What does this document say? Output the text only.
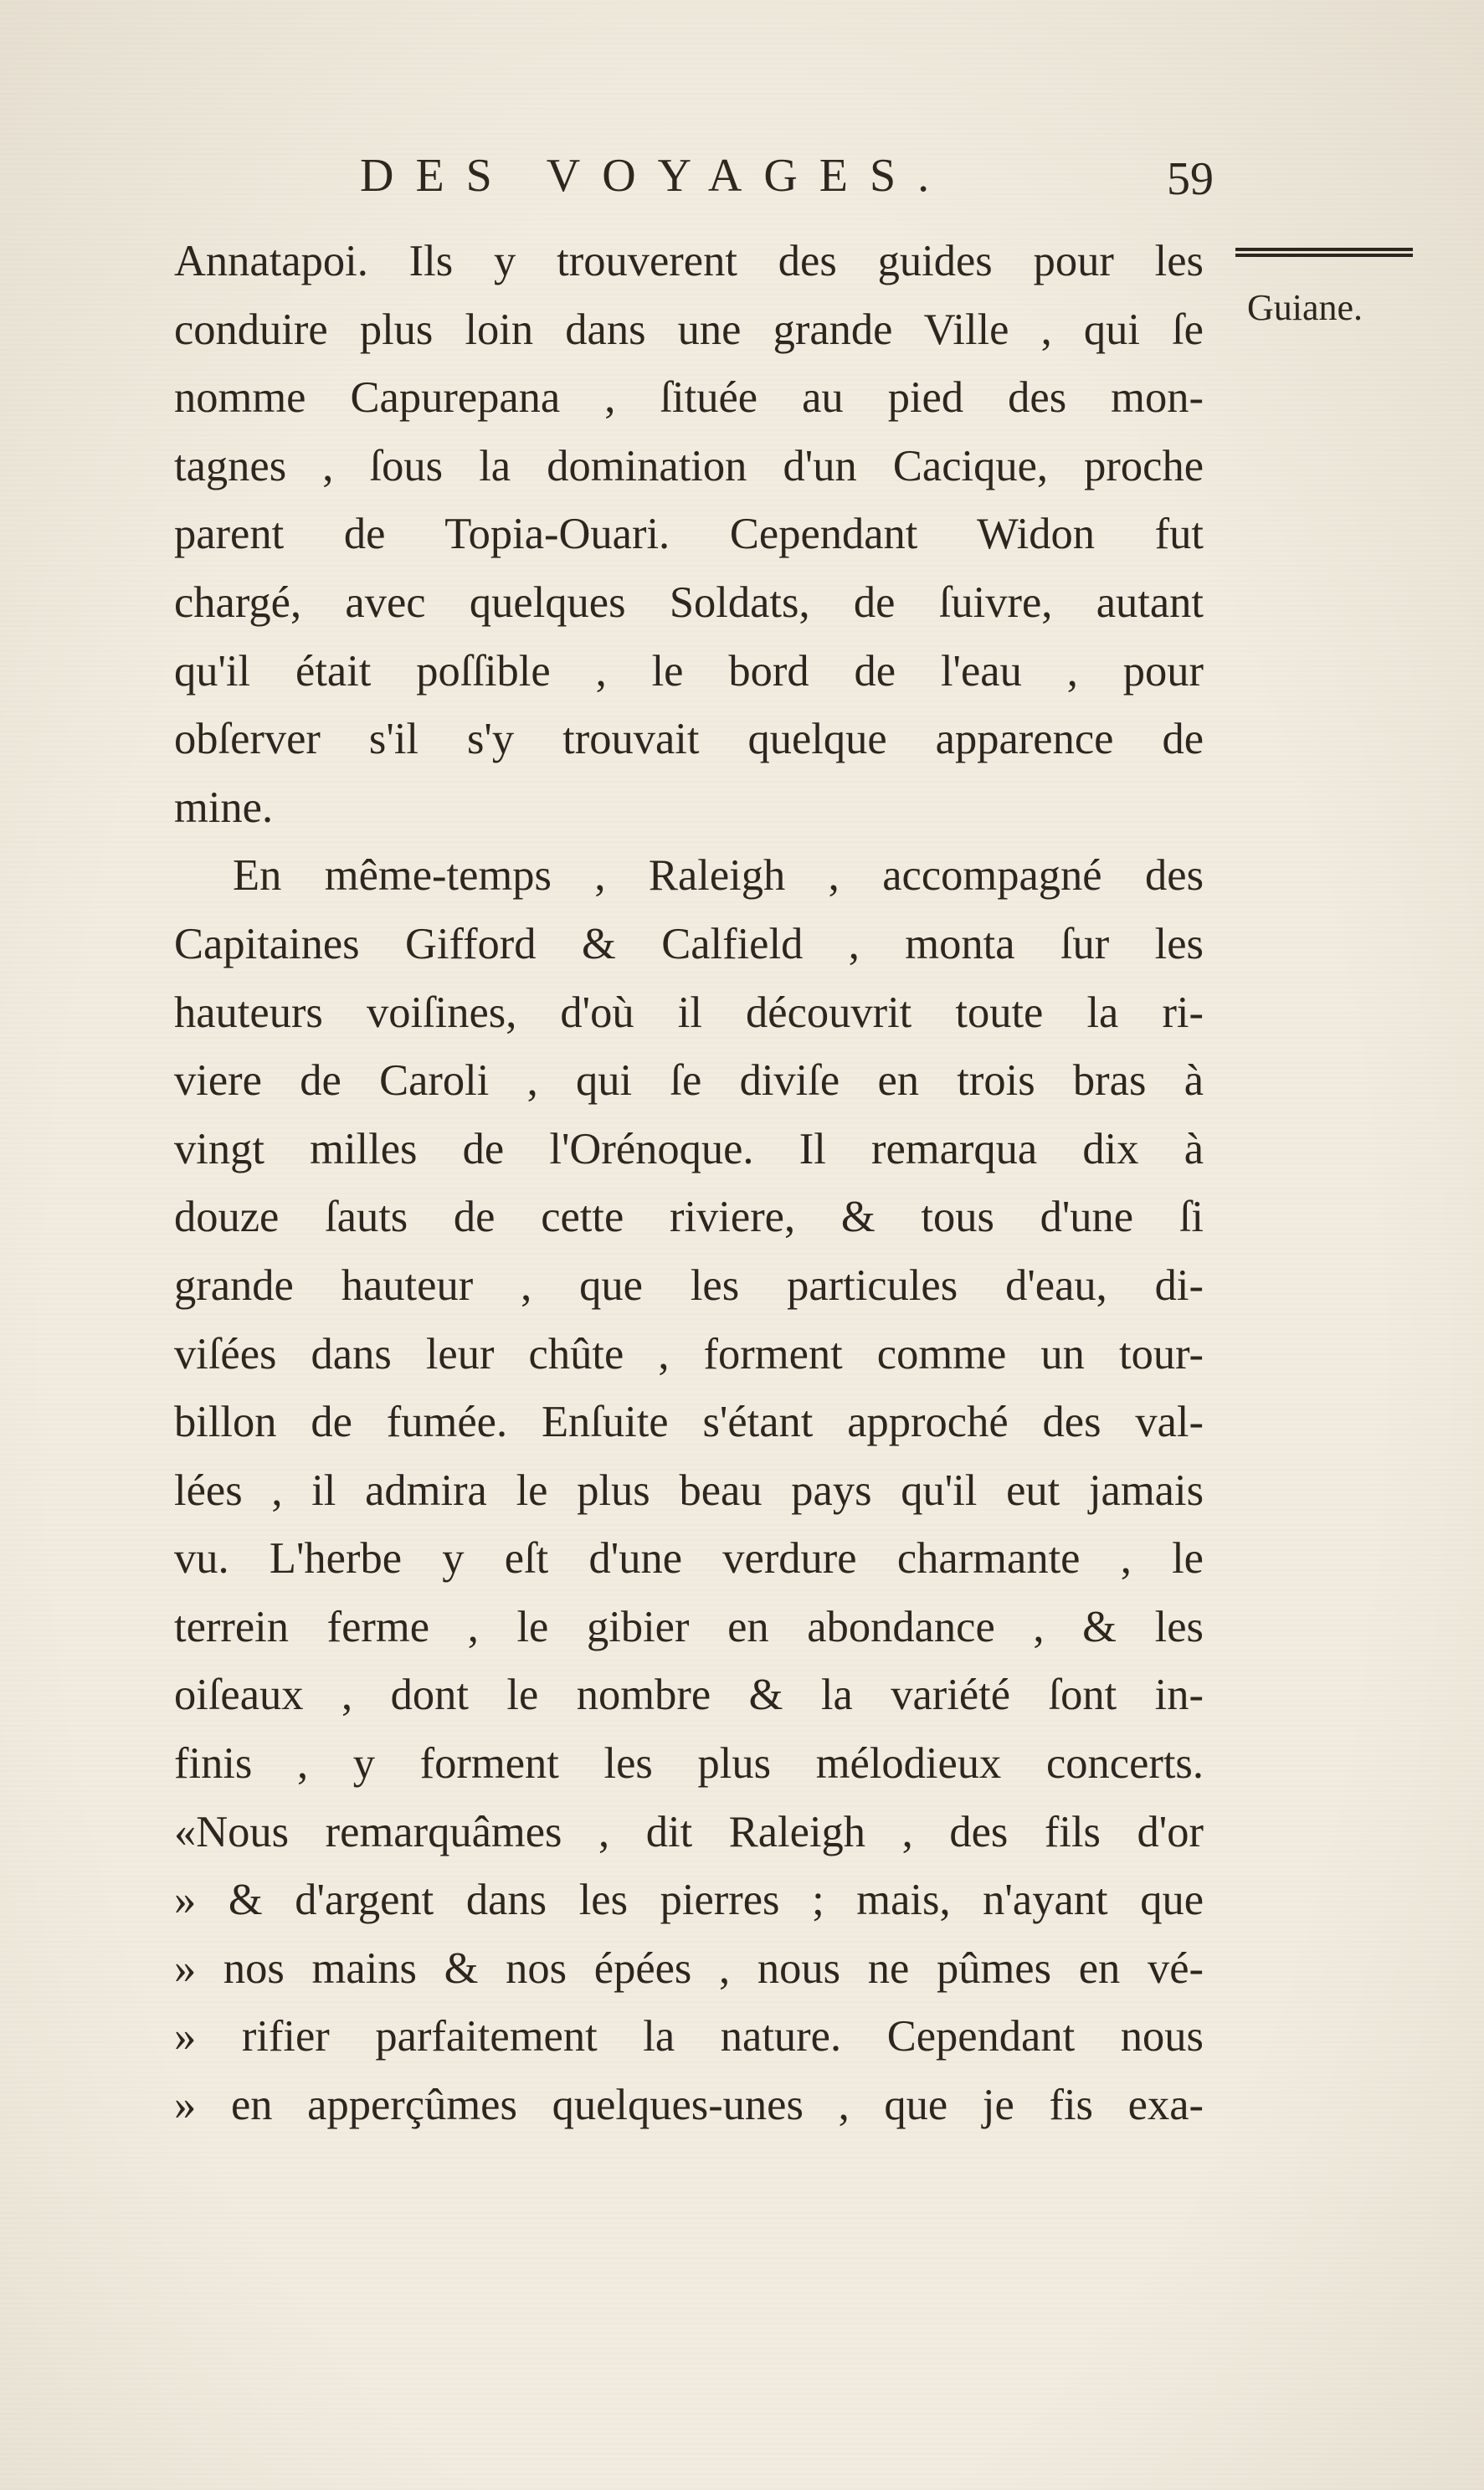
DES VOYAGES.	59
Guiane.
Annatapoi. Ils y trouverent des guides pour les
conduire plus loin dans une grande Ville , qui ſe
nomme Capurepana , ſituée au pied des mon-
tagnes , ſous la domination d'un Cacique, proche
parent de Topia-Ouari. Cependant Widon fut
chargé, avec quelques Soldats, de ſuivre, autant
qu'il était poſſible , le bord de l'eau , pour
obſerver s'il s'y trouvait quelque apparence de
mine.
En même-temps , Raleigh , accompagné des
Capitaines Gifford & Calfield , monta ſur les
hauteurs voiſines, d'où il découvrit toute la ri-
viere de Caroli , qui ſe diviſe en trois bras à
vingt milles de l'Orénoque. Il remarqua dix à
douze ſauts de cette riviere, & tous d'une ſi
grande hauteur , que les particules d'eau, di-
viſées dans leur chûte , forment comme un tour-
billon de fumée. Enſuite s'étant approché des val-
lées , il admira le plus beau pays qu'il eut jamais
vu. L'herbe y eſt d'une verdure charmante , le
terrein ferme , le gibier en abondance , & les
oiſeaux , dont le nombre & la variété ſont in-
finis , y forment les plus mélodieux concerts.
«Nous remarquâmes , dit Raleigh , des fils d'or
» & d'argent dans les pierres ; mais, n'ayant que
» nos mains & nos épées , nous ne pûmes en vé-
» rifier parfaitement la nature. Cependant nous
» en apperçûmes quelques-unes , que je fis exa-
